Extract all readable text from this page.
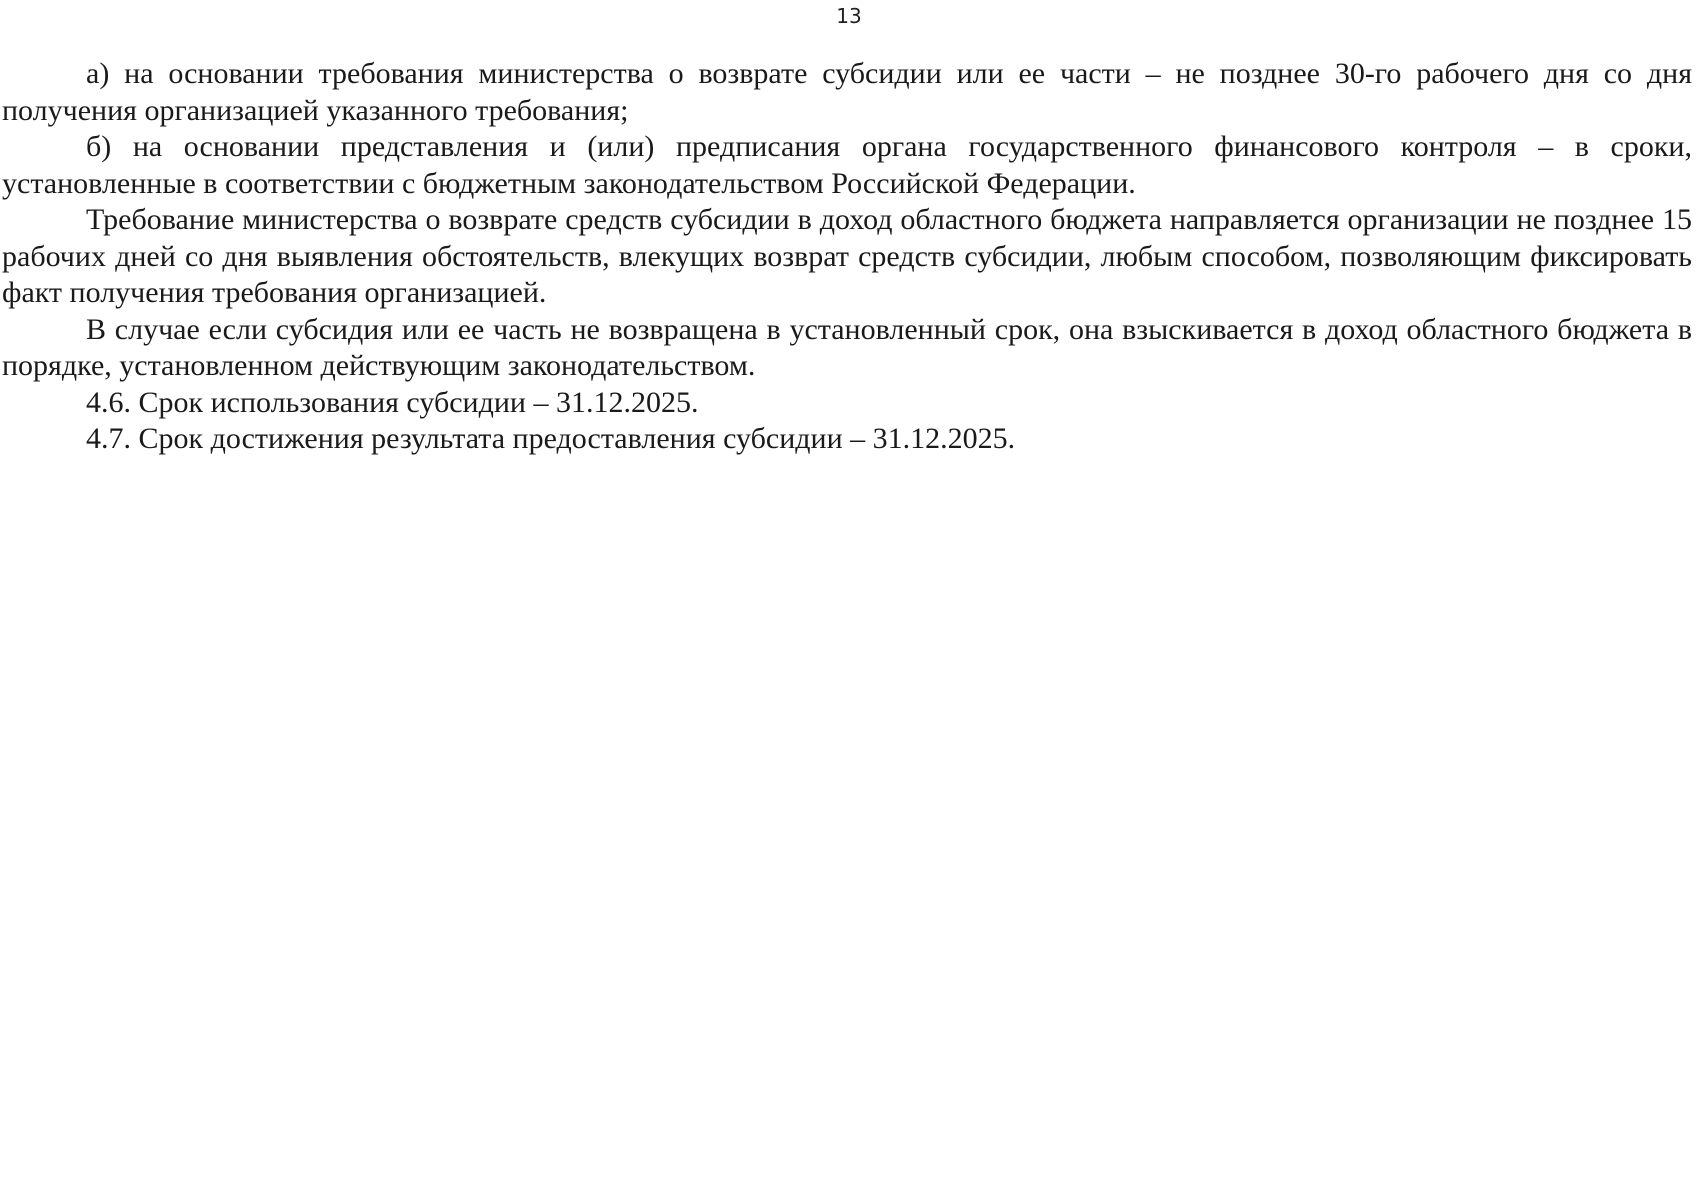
13

а) на основании требования министерства о возврате субсидии или ее части – не позднее 30-го рабочего дня со дня получения организацией указанного требования;

б) на основании представления и (или) предписания органа государственного финансового контроля – в сроки, установленные в соответствии с бюджетным законодательством Российской Федерации.

Требование министерства о возврате средств субсидии в доход областного бюджета направляется организации не позднее 15 рабочих дней со дня выявления обстоятельств, влекущих возврат средств субсидии, любым способом, позволяющим фиксировать факт получения требования организацией.

В случае если субсидия или ее часть не возвращена в установленный срок, она взыскивается в доход областного бюджета в порядке, установленном действующим законодательством.

4.6. Срок использования субсидии – 31.12.2025.

4.7. Срок достижения результата предоставления субсидии – 31.12.2025.
